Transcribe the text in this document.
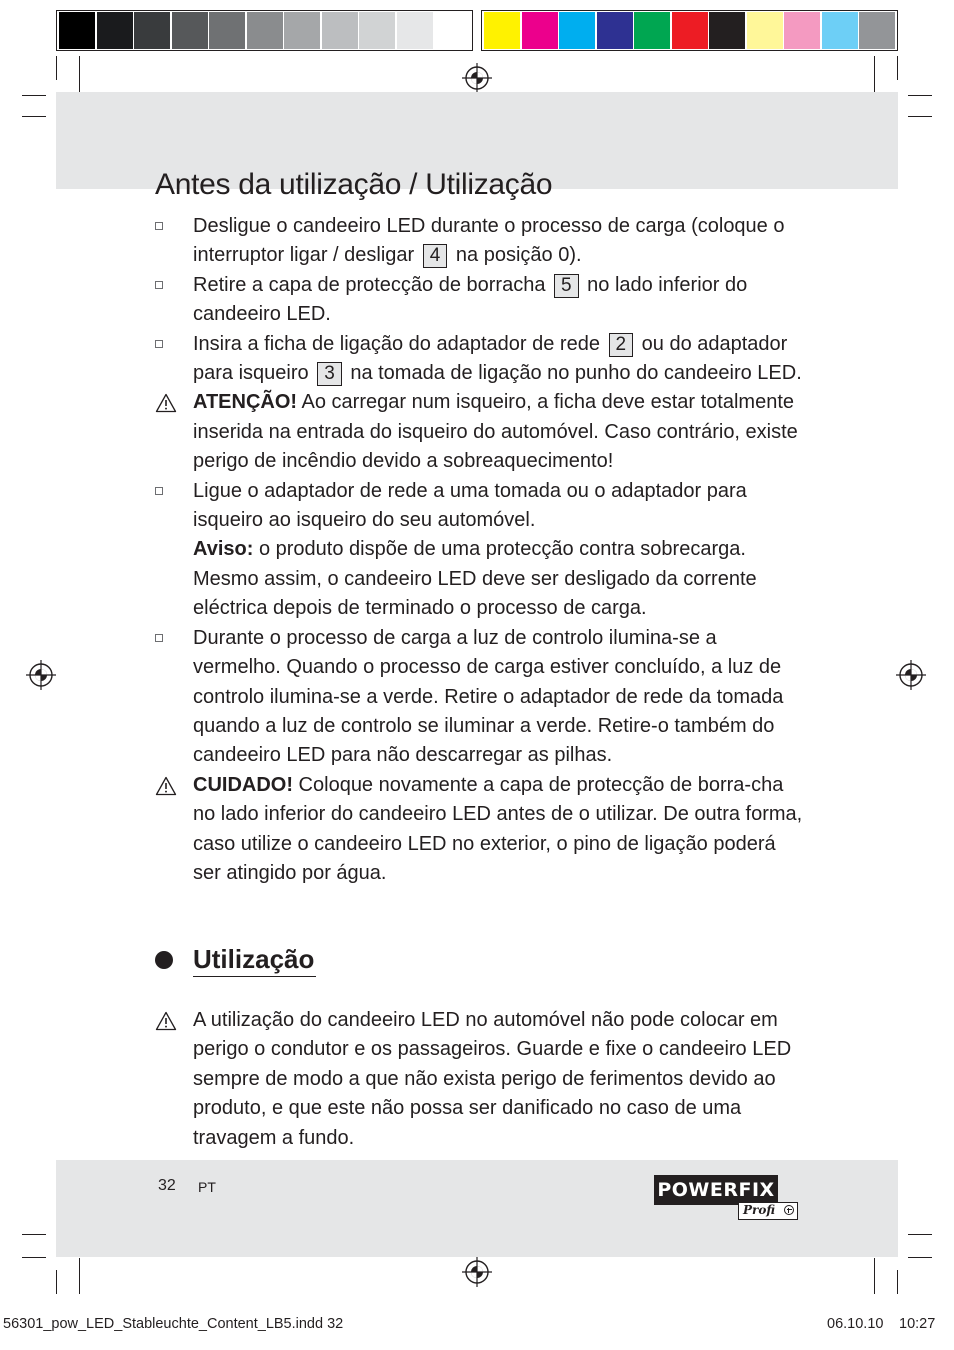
Antes da utilização / Utilização
Desligue o candeeiro LED durante o processo de carga (coloque o interruptor ligar / desligar 4 na posição 0).
Retire a capa de protecção de borracha 5 no lado inferior do candeeiro LED.
Insira a ficha de ligação do adaptador de rede 2 ou do adaptador para isqueiro 3 na tomada de ligação no punho do candeeiro LED.
ATENÇÃO! Ao carregar num isqueiro, a ficha deve estar totalmente inserida na entrada do isqueiro do automóvel. Caso contrário, existe perigo de incêndio devido a sobreaquecimento!
Ligue o adaptador de rede a uma tomada ou o adaptador para isqueiro ao isqueiro do seu automóvel.
Aviso: o produto dispõe de uma protecção contra sobrecarga. Mesmo assim, o candeeiro LED deve ser desligado da corrente eléctrica depois de terminado o processo de carga.
Durante o processo de carga a luz de controlo ilumina-se a vermelho. Quando o processo de carga estiver concluído, a luz de controlo ilumina-se a verde. Retire o adaptador de rede da tomada quando a luz de controlo se iluminar a verde. Retire-o também do candeeiro LED para não descarregar as pilhas.
CUIDADO! Coloque novamente a capa de protecção de borra-cha no lado inferior do candeeiro LED antes de o utilizar. De outra forma, caso utilize o candeeiro LED no exterior, o pino de ligação poderá ser atingido por água.
Utilização
A utilização do candeeiro LED no automóvel não pode colocar em perigo o condutor e os passageiros. Guarde e fixe o candeeiro LED sempre de modo a que não exista perigo de ferimentos devido ao produto, e que este não possa ser danificado no caso de uma travagem a fundo.
32 PT	POWERFIX
Profi
56301_pow_LED_Stableuchte_Content_LB5.indd 32	06.10.10 10:27
